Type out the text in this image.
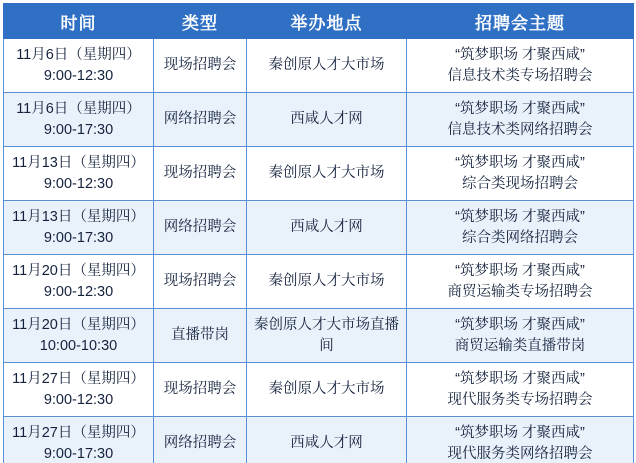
时间	类型	举办地点	招聘会主题

11月6日（星期四）
9:00-12:30	现场招聘会	秦创原人才大市场	“筑梦职场 才聚西咸”
信息技术类专场招聘会

11月6日（星期四）
9:00-17:30	网络招聘会	西咸人才网	“筑梦职场 才聚西咸”
信息技术类网络招聘会

11月13日（星期四）
9:00-12:30	现场招聘会	秦创原人才大市场	“筑梦职场 才聚西咸”
综合类现场招聘会

11月13日（星期四）
9:00-17:30	网络招聘会	西咸人才网	“筑梦职场 才聚西咸”
综合类网络招聘会

11月20日（星期四）
9:00-12:30	现场招聘会	秦创原人才大市场	“筑梦职场 才聚西咸”
商贸运输类专场招聘会

11月20日（星期四）
10:00-10:30	直播带岗	秦创原人才大市场直播间	“筑梦职场 才聚西咸”
商贸运输类直播带岗

11月27日（星期四）
9:00-12:30	现场招聘会	秦创原人才大市场	“筑梦职场 才聚西咸”
现代服务类专场招聘会

11月27日（星期四）
9:00-17:30	网络招聘会	西咸人才网	“筑梦职场 才聚西咸”
现代服务类网络招聘会
